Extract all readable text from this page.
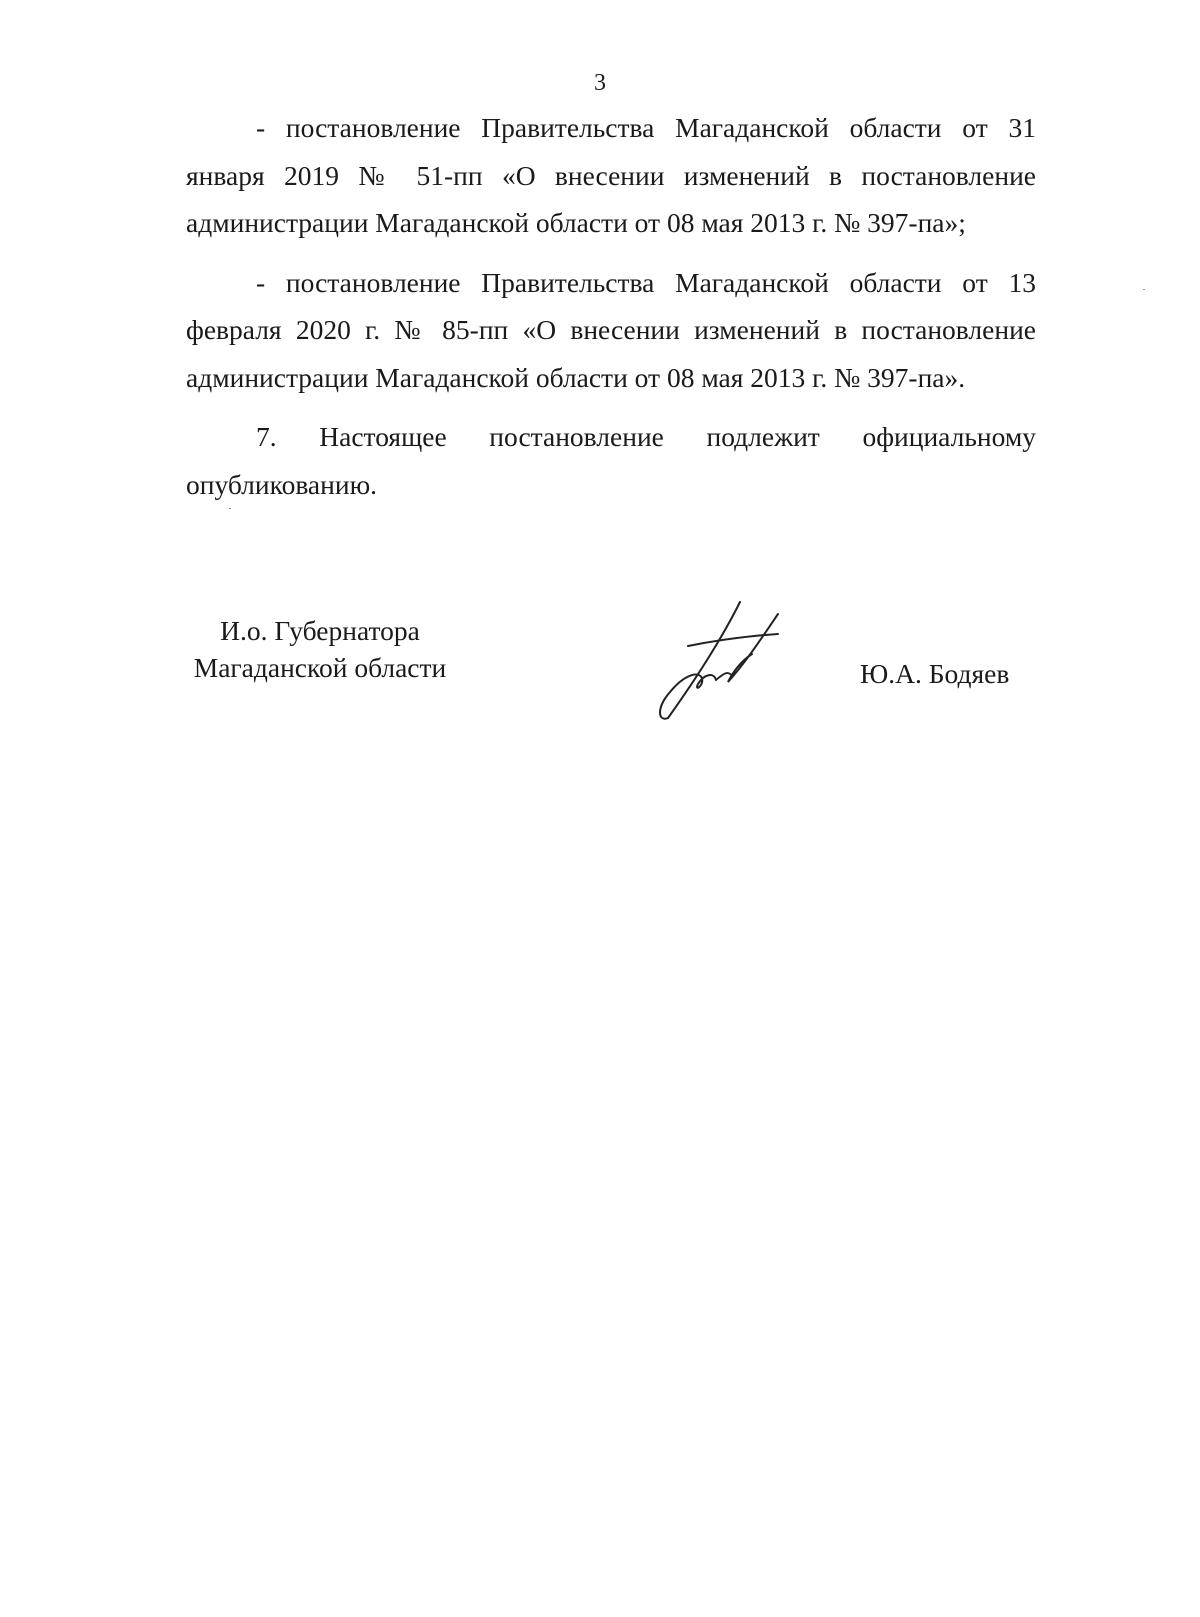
3

- постановление Правительства Магаданской области от 31 января 2019 № 51-пп «О внесении изменений в постановление администрации Магаданской области от 08 мая 2013 г. № 397-па»;

- постановление Правительства Магаданской области от 13 февраля 2020 г. № 85-пп «О внесении изменений в постановление администрации Магаданской области от 08 мая 2013 г. № 397-па».

7. Настоящее постановление подлежит официальному опубликованию.

И.о. Губернатора
Магаданской области	Ю.А. Бодяев
